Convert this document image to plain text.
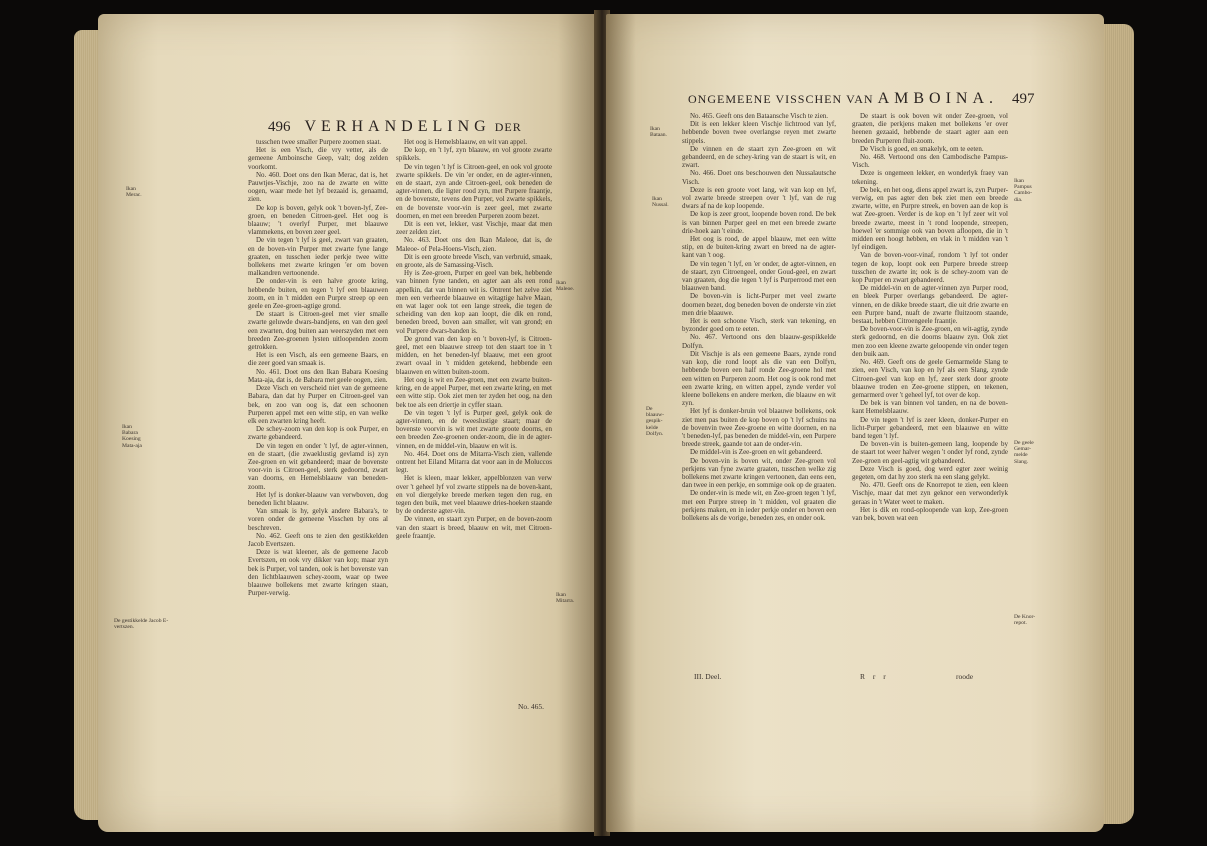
496 VERHANDELING DER
Ikan
Merac.
Ikan
Babara
Koesing
Mata-aja
Ikan
Maleoe.
Ikan
Mitarra.
De gestikkelde Jacob E-
vertszen.

tusschen twee smaller Purpere zoomen staat.

Het is een Visch, die vry vetter, als de gemeene Amboinsche Geep, valt; dog zelden voorkomt.

No. 460. Doet ons den Ikan Merac, dat is, het Pauwtjes-Vischje, zoo na de zwarte en witte oogen, waar mede het lyf bezaaid is, genaamd, zien.

De kop is boven, gelyk ook 't boven-lyf, Zee-groen, en beneden Citroen-geel. Het oog is blaauw; 't overlyf Purper, met blaauwe vlammekens, en boven zeer geel.

De vin tegen 't lyf is geel, zwart van graaten, en de boven-vin Purper met zwarte fyne lange graaten, en tusschen ieder perkje twee witte bollekens met zwarte kringen 'er om boven malkandren vertoonende.

De onder-vin is een halve groote kring, hebbende buiten, en tegen 't lyf een blaauwen zoom, en in 't midden een Purpre streep op een geele en Zee-groen-agtige grond.

De staart is Citroen-geel met vier smalle zwarte geluwde dwars-bandjens, en van den geel een zwarten, dog buiten aan weerszyden met een breeden Zee-groenen lysten uitloopenden zoom getrokken.

Het is een Visch, als een gemeene Baars, en die zeer goed van smaak is.

No. 461. Doet ons den Ikan Babara Koesing Mata-aja, dat is, de Babara met geele oogen, zien.

Deze Visch en verscheid niet van de gemeene Babara, dan dat hy Purper en Citroen-geel van bek, en zoo van oog is, dat een schoonen Purperen appel met een witte stip, en van welke elk een zwarten kring heeft.

De schey-zoom van den kop is ook Purper, en zwarte gebandeerd.

De vin tegen en onder 't lyf, de agter-vinnen, en de staart, (die zwaeklustig gevlamd is) zyn Zee-groen en wit gebandeerd; maar de bovenste voor-vin is Citroen-geel, sterk gedoornd, zwart van doorns, en Hemelsblaauw van beneden-zoom.

Het lyf is donker-blaauw van verwboven, dog beneden licht blaauw.

Van smaak is hy, gelyk andere Babara's, te voren onder de gemeene Visschen by ons al beschreven.

No. 462. Geeft ons te zien den gestikkelden Jacob Evertszen.

Deze is wat kleener, als de gemeene Jacob Evertszen, en ook vry dikker van kop; maar zyn bek is Purper, vol tanden, ook is het bovenste van den lichtblaauwen schey-zoom, waar op twee blaauwe bollekens met zwarte kringen staan, Purper-verwig.

Het oog is Hemelsblaauw, en wit van appel.

De kop, en 't lyf, zyn blaauw, en vol groote zwarte spikkels.

De vin tegen 't lyf is Citroen-geel, en ook vol groote zwarte spikkels. De vin 'er onder, en de agter-vinnen, en de staart, zyn ande Citroen-geel, ook beneden de agter-vinnen, die ligter rood zyn, met Purpere fraantje, en de bovenste, tevens den Purper, vol zwarte spikkels, en de bovenste voor-vin is zeer geel, met zwarte doornen, en met een breeden Purperen zoom bezet.

Dit is een vet, lekker, vast Vischje, maar dat men zeer zelden ziet.

No. 463. Doet ons den Ikan Maleoe, dat is, de Maleoe- of Pela-Hoens-Visch, zien.

Dit is een groote breede Visch, van verbruid, smaak, en groote, als de Samassing-Visch.

Hy is Zee-groen, Purper en geel van bek, hebbende van binnen fyne tanden, en agter aan als een rond appelkin, dat van binnen wit is. Ontrent het zelve ziet men een verheerde blaauwe en witagtige halve Maan, en wat lager ook tot een lange streek, die tegen de scheiding van den kop aan loopt, die dik en rond, beneden breed, boven aan smaller, wit van grond; en vol Purpere dwars-banden is.

De grond van den kop en 't boven-lyf, is Citroen-geel, met een blaauwe streep tot den staart toe in 't midden, en het beneden-lyf blaauw, met een groot zwart ovaal in 't midden getekend, hebbende een blaauwen en witten buiten-zoom.

Het oog is wit en Zee-groen, met een zwarte buiten-kring, en de appel Purper, met een zwarte kring, en met een witte stip. Ook ziet men ter zyden het oog, na den bek toe als een driertje in cyffer staan.

De vin tegen 't lyf is Purper geel, gelyk ook de agter-vinnen, en de tweeslustige staart; maar de bovenste voorvin is wit met zwarte groote doorns, en een breeden Zee-groenen onder-zoom, die in de agter-vinnen, en de middel-vin, blaauw en wit is.

No. 464. Doet ons de Mitarra-Visch zien, vallende ontrent het Eiland Mitarra dat voor aan in de Moluccos legt.

Het is kleen, maar lekker, appelblonzen van verw over 't geheel lyf vol zwarte stippels na de boven-kant, en vol diergelyke breede merken tegen den rug, en tegen den buik, met veel blaauwe dries-hoeken staande by de onderste agter-vin.

De vinnen, en staart zyn Purper, en de boven-zoom van den staart is breed, blaauw en wit, met Citroen-geele fraantje.

No. 465.
ONGEMEENE VISSCHEN VAN AMBOINA. 497
Ikan
Bataan.
Ikan
Nussal.
De
blaauw-
gespik-
kelde
Dolfyn.
Ikan
Pampus
Cambo-
dia.
De geele
Gemar-
melde
Slang.
De Knor-
repot.

No. 465. Geeft ons den Bataansche Visch te zien.

Dit is een lekker kleen Vischje lichtrood van lyf, hebbende boven twee overlangse reyen met zwarte stippels.

De vinnen en de staart zyn Zee-groen en wit gebandeerd, en de schey-kring van de staart is wit, en zwart.

No. 466. Doet ons beschouwen den Nussalautsche Visch.

Deze is een groote voet lang, wit van kop en lyf, vol zwarte breede streepen over 't lyf, van de rug dwars af na de kop loopende.

De kop is zeer groot, loopende boven rond. De bek is van binnen Purper geel en met een breede zwarte drie-hoek aan 't einde.

Het oog is rood, de appel blaauw, met een witte stip, en de buiten-kring zwart en breed na de agter-kant van 't oog.

De vin tegen 't lyf, en 'er onder, de agter-vinnen, en de staart, zyn Citroengeel, onder Goud-geel, en zwart van graaten, dog die tegen 't lyf is Purperrood met een blaauwen band.

De boven-vin is licht-Purper met veel zwarte doornen bezet, dog beneden boven de onderste vin ziet men drie blaauwe.

Het is een schoone Visch, sterk van tekening, en byzonder goed om te eeten.

No. 467. Vertoond ons den blaauw-gespikkelde Dolfyn.

Dit Vischje is als een gemeene Baars, zynde rond van kop, die rond loopt als die van een Dolfyn, hebbende boven een half ronde Zee-groene hol met een witten en Purperen zoom. Het oog is ook rond met een zwarte kring, en witten appel, zynde verder vol kleene bollekens en andere merken, die blaauw en wit zyn.

Het lyf is donker-bruin vol blaauwe bollekens, ook ziet men pas buiten de kop boven op 't lyf schuins na de bovenvin twee Zee-groene en witte doornen, en na 't beneden-lyf, pas beneden de middel-vin, een Purpere breede streek, gaande tot aan de onder-vin.

De middel-vin is Zee-groen en wit gebandeerd.

De boven-vin is boven wit, onder Zee-groen vol perkjens van fyne zwarte graaten, tusschen welke zig bollekens met zwarte kringen vertoonen, dan eens een, dan twee in een perkje, en sommige ook op de graaten.

De onder-vin is mede wit, en Zee-groen tegen 't lyf, met een Purpre streep in 't midden, vol graaten die perkjens maken, en in ieder perkje onder en boven een bollekens als de vorige, beneden zes, en onder ook.

De staart is ook boven wit onder Zee-groen, vol graaten, die perkjens maken met bollekens 'er over heenen gezaaid, hebbende de staart agter aan een breeden Purperen fluit-zoom.

De Visch is goed, en smakelyk, om te eeten.

No. 468. Vertoond ons den Cambodische Pampus-Visch.

Deze is ongemeen lekker, en wonderlyk fraey van tekening.

De bek, en het oog, diens appel zwart is, zyn Purper-verwig, en pas agter den bek ziet men een breede zwarte, witte, en Purpre streek, en boven aan de kop is wat Zee-groen. Verder is de kop en 't lyf zeer wit vol breede zwarte, meest in 't rond loopende, streepen, hoewel 'er sommige ook van boven afloopen, die in 't midden een hoogt hebben, en vlak in 't midden van 't lyf eindigen.

Van de boven-voor-vinaf, rondom 't lyf tot onder tegen de kop, loopt ook een Purpere breede streep tusschen de zwarte in; ook is de schey-zoom van de kop Purper en zwart gebandeerd.

De middel-vin en de agter-vinnen zyn Purper rood, en bleek Purper overlangs gebandeerd. De agter-vinnen, en de dikke breede staart, die uit drie zwarte en een Purpre band, nuaft de zwarte fluitzoom staande, bestaat, hebben Citroengeele fraantje.

De boven-voor-vin is Zee-groen, en wit-agtig, zynde sterk gedoornd, en die doorns blaauw zyn. Ook ziet men zoo een kleene zwarte geloopende vin onder tegen den buik aan.

No. 469. Geeft ons de geele Gemarmelde Slang te zien, een Visch, van kop en lyf als een Slang, zynde Citroen-geel van kop en lyf, zeer sterk door groote blaauwe troden en Zee-groene stippen, en tekenen, gemarmerd over 't geheel lyf, tot over de kop.

De bek is van binnen vol tanden, en na de boven-kant Hemelsblaauw.

De vin tegen 't lyf is zeer kleen, donker-Purper en licht-Purper gebandeerd, met een blaauwe en witte band tegen 't lyf.

De boven-vin is buiten-gemeen lang, loopende by de staart tot weer halver wegen 't onder lyf rond, zynde Zee-groen en geel-agtig wit gebandeerd.

Deze Visch is goed, dog werd egter zeer weinig gegeten, om dat hy zoo sterk na een slang gelykt.

No. 470. Geeft ons de Knorrepot te zien, een kleen Vischje, maar dat met zyn geknor een verwonderlyk geraas in 't Water weet te maken.

Het is dik en rond-oploopende van kop, Zee-groen van bek, boven wat een

III. Deel.	R r r	roode
